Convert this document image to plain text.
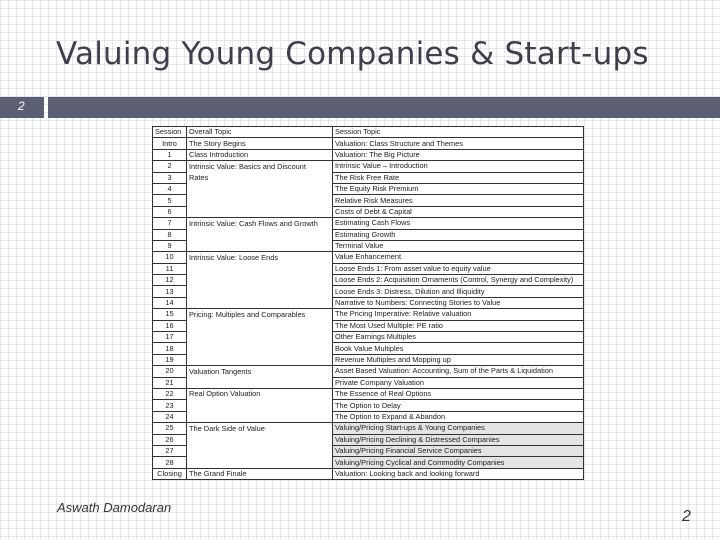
Valuing Young Companies & Start-ups
2
Session	Overall Topic	Session Topic
Intro	The Story Begins	Valuation: Class Structure and Themes
1	Class Introduction	Valuation: The Big Picture
2	Intrinsic Value: Basics and Discount	Intrinsic Value – Introduction
3	Rates	The Risk Free Rate
4		The Equity Risk Premium
5		Relative Risk Measures
6		Costs of Debt & Capital
7	Intrinsic Value: Cash Flows and Growth	Estimating Cash Flows
8		Estimating Growth
9		Terminal Value
10	Intrinsic Value: Loose Ends	Value Enhancement
11		Loose Ends 1: From asset value to equity value
12		Loose Ends 2: Acquisition Ornaments (Control, Synergy and Complexity)
13		Loose Ends 3: Distress, Dilution and Illiquidity
14		Narrative to Numbers: Connecting Stories to Value
15	Pricing: Multiples and Comparables	The Pricing Imperative: Relative valuation
16		The Most Used Multiple: PE ratio
17		Other Earnings Multiples
18		Book Value Multiples
19		Revenue Multiples and Mopping up
20	Valuation Tangents	Asset Based Valuation: Accounting, Sum of the Parts & Liquidation
21		Private Company Valuation
22	Real Option Valuation	The Essence of Real Options
23		The Option to Delay
24		The Option to Expand & Abandon
25	The Dark Side of Value	Valuing/Pricing Start-ups & Young Companies
26		Valuing/Pricing Declining & Distressed Companies
27		Valuing/Pricing Financial Service Companies
28		Valuing/Pricing Cyclical and Commodity Companies
Closing	The Grand Finale	Valuation: Looking back and looking forward
Aswath Damodaran
2
